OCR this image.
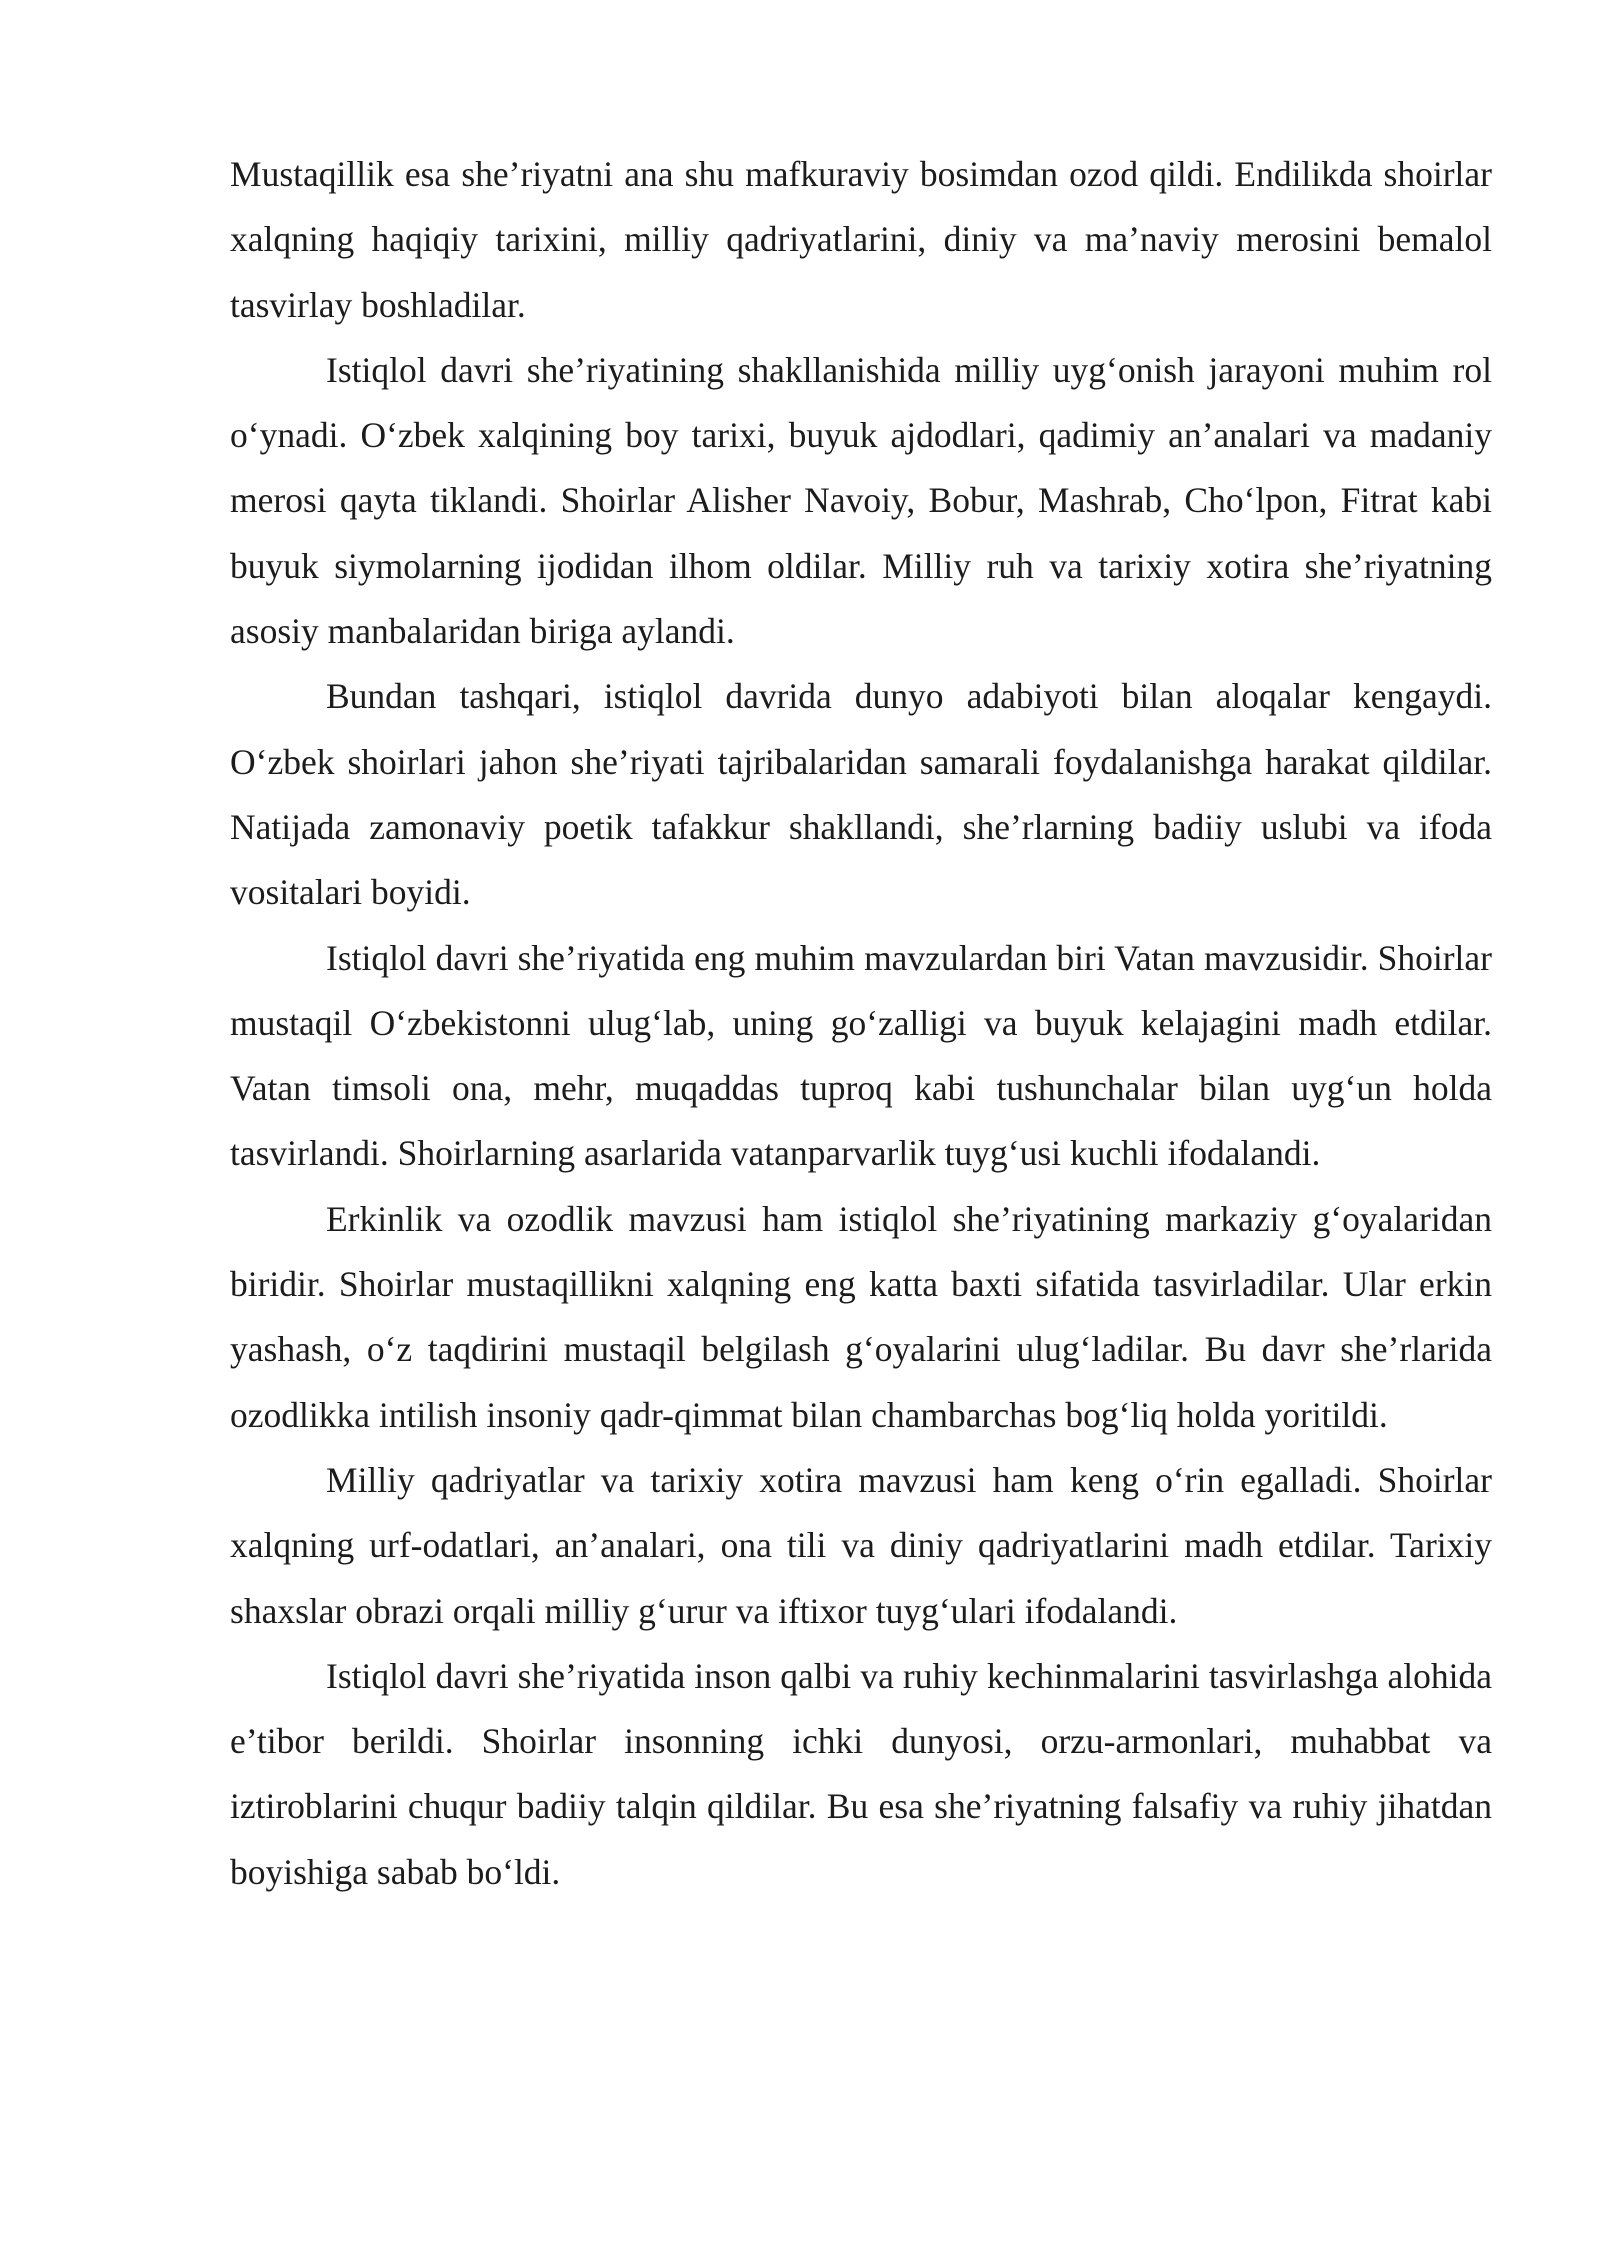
Mustaqillik esa she’riyatni ana shu mafkuraviy bosimdan ozod qildi. Endilikda shoirlar xalqning haqiqiy tarixini, milliy qadriyatlarini, diniy va ma’naviy merosini bemalol tasvirlay boshladilar.

Istiqlol davri she’riyatining shakllanishida milliy uyg‘onish jarayoni muhim rol o‘ynadi. O‘zbek xalqining boy tarixi, buyuk ajdodlari, qadimiy an’analari va madaniy merosi qayta tiklandi. Shoirlar Alisher Navoiy, Bobur, Mashrab, Cho‘lpon, Fitrat kabi buyuk siymolarning ijodidan ilhom oldilar. Milliy ruh va tarixiy xotira she’riyatning asosiy manbalaridan biriga aylandi.

Bundan tashqari, istiqlol davrida dunyo adabiyoti bilan aloqalar kengaydi. O‘zbek shoirlari jahon she’riyati tajribalaridan samarali foydalanishga harakat qildilar. Natijada zamonaviy poetik tafakkur shakllandi, she’rlarning badiiy uslubi va ifoda vositalari boyidi.

Istiqlol davri she’riyatida eng muhim mavzulardan biri Vatan mavzusidir. Shoirlar mustaqil O‘zbekistonni ulug‘lab, uning go‘zalligi va buyuk kelajagini madh etdilar. Vatan timsoli ona, mehr, muqaddas tuproq kabi tushunchalar bilan uyg‘un holda tasvirlandi. Shoirlarning asarlarida vatanparvarlik tuyg‘usi kuchli ifodalandi.

Erkinlik va ozodlik mavzusi ham istiqlol she’riyatining markaziy g‘oyalaridan biridir. Shoirlar mustaqillikni xalqning eng katta baxti sifatida tasvirladilar. Ular erkin yashash, o‘z taqdirini mustaqil belgilash g‘oyalarini ulug‘ladilar. Bu davr she’rlarida ozodlikka intilish insoniy qadr-qimmat bilan chambarchas bog‘liq holda yoritildi.

Milliy qadriyatlar va tarixiy xotira mavzusi ham keng o‘rin egalladi. Shoirlar xalqning urf-odatlari, an’analari, ona tili va diniy qadriyatlarini madh etdilar. Tarixiy shaxslar obrazi orqali milliy g‘urur va iftixor tuyg‘ulari ifodalandi.

Istiqlol davri she’riyatida inson qalbi va ruhiy kechinmalarini tasvirlashga alohida e’tibor berildi. Shoirlar insonning ichki dunyosi, orzu-armonlari, muhabbat va iztiroblarini chuqur badiiy talqin qildilar. Bu esa she’riyatning falsafiy va ruhiy jihatdan boyishiga sabab bo‘ldi.
